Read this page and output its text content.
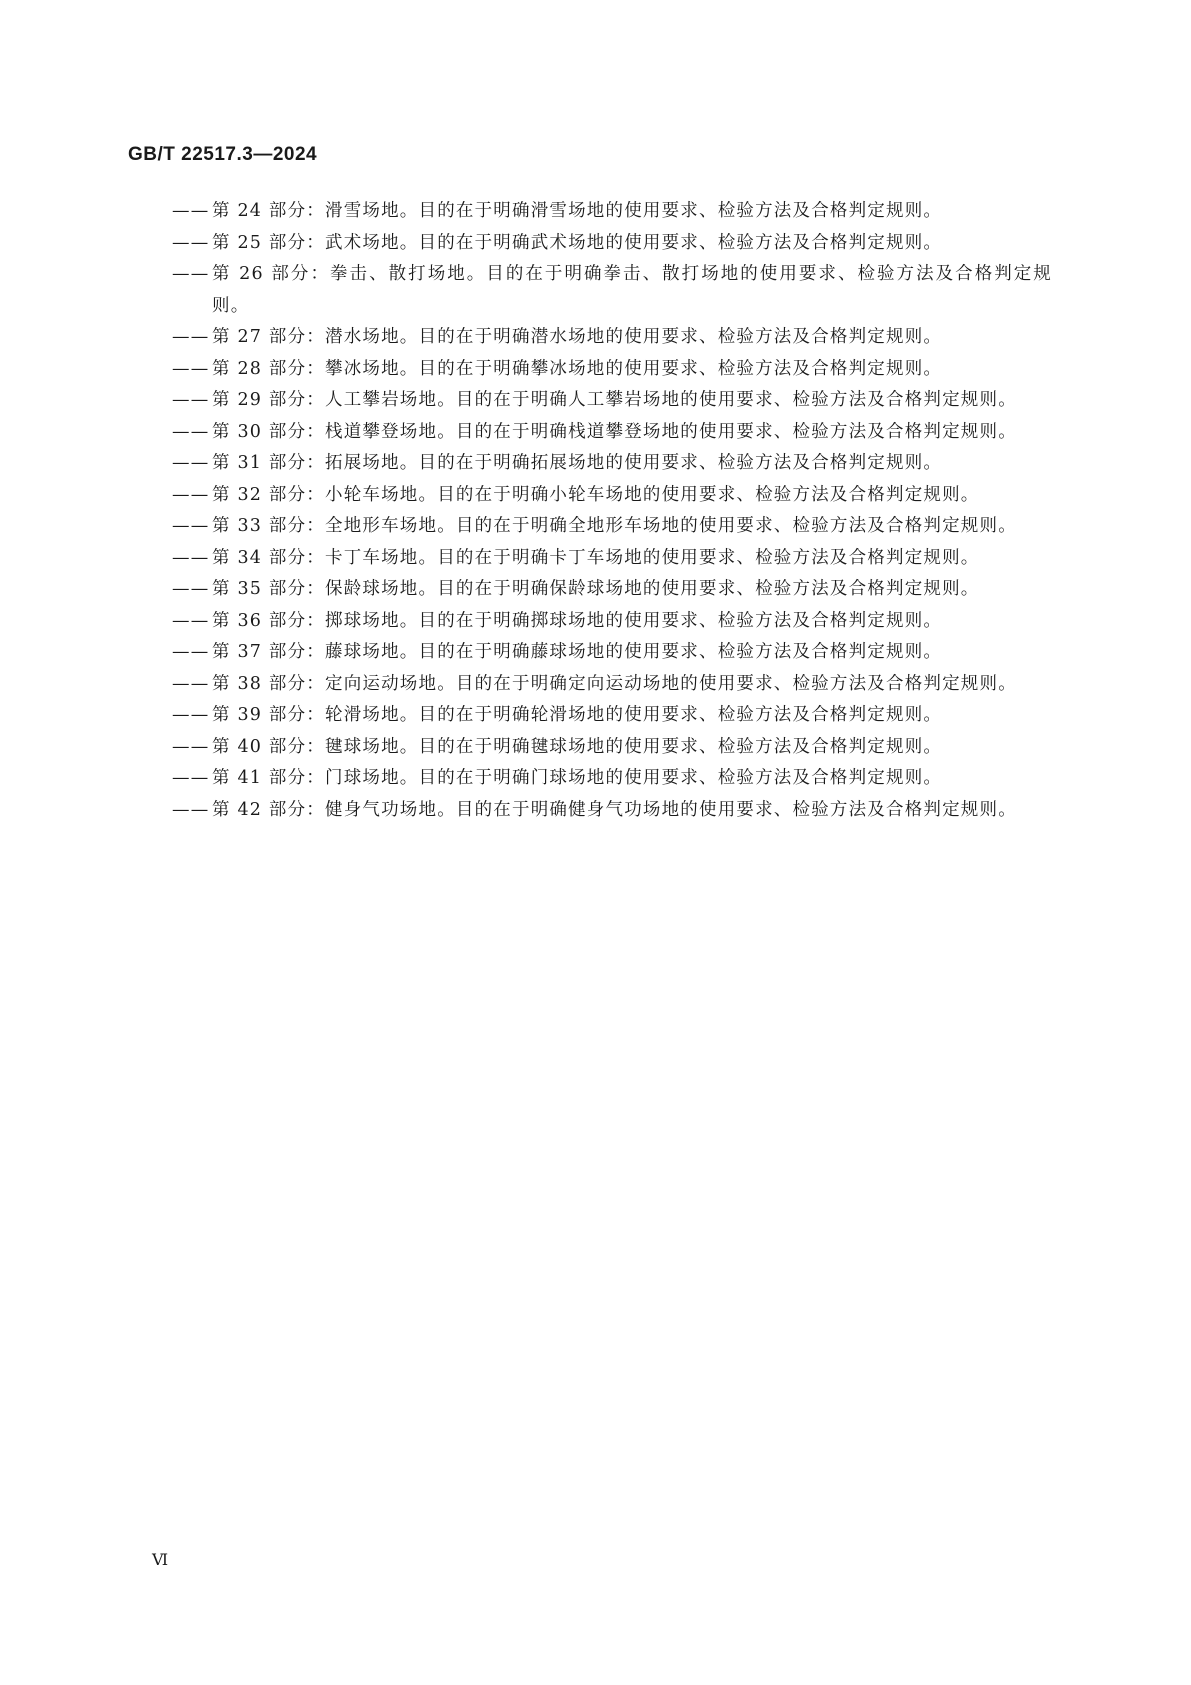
GB/T 22517.3—2024

—— 第 24 部分：滑雪场地。目的在于明确滑雪场地的使用要求、检验方法及合格判定规则。
—— 第 25 部分：武术场地。目的在于明确武术场地的使用要求、检验方法及合格判定规则。
—— 第 26 部分：拳击、散打场地。目的在于明确拳击、散打场地的使用要求、检验方法及合格判定规则。
—— 第 27 部分：潜水场地。目的在于明确潜水场地的使用要求、检验方法及合格判定规则。
—— 第 28 部分：攀冰场地。目的在于明确攀冰场地的使用要求、检验方法及合格判定规则。
—— 第 29 部分：人工攀岩场地。目的在于明确人工攀岩场地的使用要求、检验方法及合格判定规则。
—— 第 30 部分：栈道攀登场地。目的在于明确栈道攀登场地的使用要求、检验方法及合格判定规则。
—— 第 31 部分：拓展场地。目的在于明确拓展场地的使用要求、检验方法及合格判定规则。
—— 第 32 部分：小轮车场地。目的在于明确小轮车场地的使用要求、检验方法及合格判定规则。
—— 第 33 部分：全地形车场地。目的在于明确全地形车场地的使用要求、检验方法及合格判定规则。
—— 第 34 部分：卡丁车场地。目的在于明确卡丁车场地的使用要求、检验方法及合格判定规则。
—— 第 35 部分：保龄球场地。目的在于明确保龄球场地的使用要求、检验方法及合格判定规则。
—— 第 36 部分：掷球场地。目的在于明确掷球场地的使用要求、检验方法及合格判定规则。
—— 第 37 部分：藤球场地。目的在于明确藤球场地的使用要求、检验方法及合格判定规则。
—— 第 38 部分：定向运动场地。目的在于明确定向运动场地的使用要求、检验方法及合格判定规则。
—— 第 39 部分：轮滑场地。目的在于明确轮滑场地的使用要求、检验方法及合格判定规则。
—— 第 40 部分：毽球场地。目的在于明确毽球场地的使用要求、检验方法及合格判定规则。
—— 第 41 部分：门球场地。目的在于明确门球场地的使用要求、检验方法及合格判定规则。
—— 第 42 部分：健身气功场地。目的在于明确健身气功场地的使用要求、检验方法及合格判定规则。

Ⅵ
